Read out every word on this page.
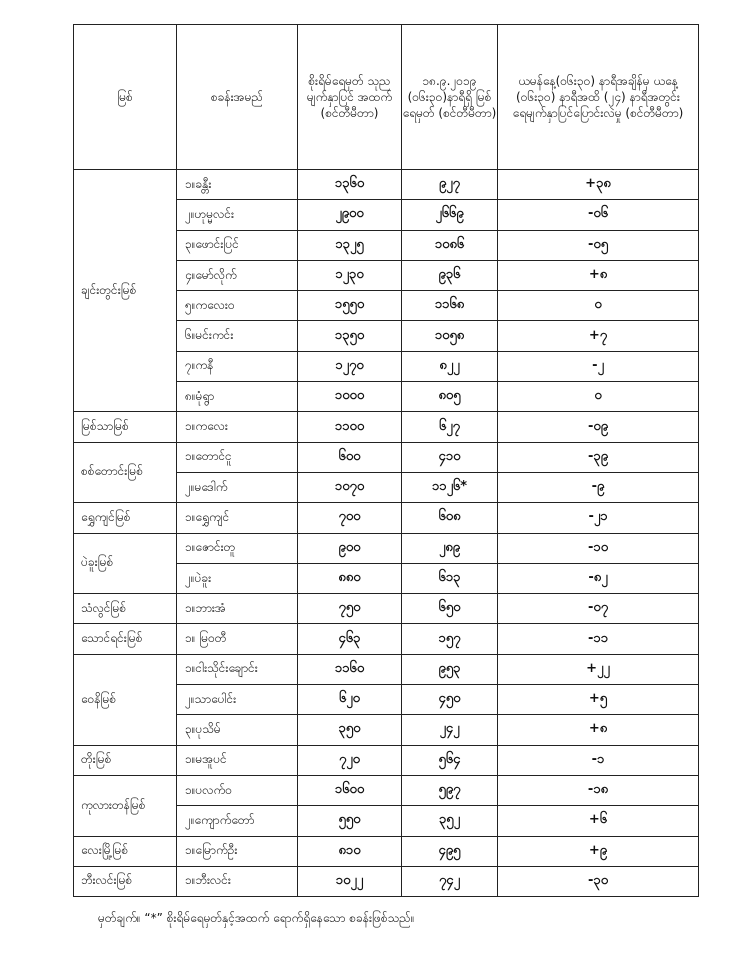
မြစ်	စခန်းအမည်	စိုးရိမ်ရေမှတ် သုည မျက်နှာပြင် အထက် (စင်တီမီတာ)	၁၈.၉.၂၀၁၉ (၀၆း၃၀)နာရီရှိ မြစ်ရေမှတ် (စင်တီမီတာ)	ယမန်နေ့(၀၆း၃၀) နာရီအချိန်မှ ယနေ့ (၀၆း၃၀) နာရီအထိ (၂၄) နာရီအတွင်း ရေမျက်နှာပြင်ပြောင်းလဲမှု (စင်တီမီတာ)
ချင်းတွင်းမြစ်	၁။ခန္တီး	၁၃၆၀	၉၂၇	+၃၈
	၂။ဟုမ္မလင်း	၂၉၀၀	၂၆၆၉	-၀၆
	၃။ဖောင်းပြင်	၁၃၂၅	၁၀၈၆	-၀၅
	၄။မော်လိုက်	၁၂၃၀	၉၃၆	+၈
	၅။ကလေးဝ	၁၅၅၀	၁၁၆၈	၀
	၆။မင်းကင်း	၁၃၅၀	၁၀၅၈	+၇
	၇။ကနီ	၁၂၇၀	၈၂၂	-၂
	၈။မုံရွာ	၁၀၀၀	၈၀၅	၀
မြစ်သာမြစ်	၁။ကလေး	၁၁၀၀	၆၂၇	-၀၉
စစ်တောင်းမြစ်	၁။တောင်ငူ	၆၀၀	၄၁၀	-၃၉
	၂။မဒေါက်	၁၀၇၀	၁၁၂၆*	-၉
ရွှေကျင်မြစ်	၁။ရွှေကျင်	၇၀၀	၆၀၈	-၂၁
ပဲခူးမြစ်	၁။ဇောင်းတူ	၉၀၀	၂၈၉	-၁၀
	၂။ပဲခူး	၈၈၀	၆၁၃	-၈၂
သံလွင်မြစ်	၁။ဘားအံ	၇၅၀	၆၅၀	-၀၇
သောင်ရင်းမြစ်	၁။ မြဝတီ	၄၆၃	၁၅၇	-၁၁
ဝေနိမြစ်	၁။ငါးသိုင်းချောင်း	၁၁၆၀	၉၅၃	+၂၂
	၂။သာပေါင်း	၆၂၀	၄၅၀	+၅
	၃။ပုသိမ်	၃၅၀	၂၄၂	+၈
တိုးမြစ်	၁။မအူပင်	၇၂၀	၅၆၄	-၁
ကုလားတန်မြစ်	၁။ပလက်ဝ	၁၆၀၀	၅၉၇	-၁၈
	၂။ကျောက်တော်	၅၅၀	၃၅၂	+၆
လေးမြို့မြစ်	၁။မြောက်ဦး	၈၁၀	၄၉၅	+၉
ဘီးလင်းမြစ်	၁။ဘီးလင်း	၁၀၂၂	၇၄၂	-၃၀
မှတ်ချက်။ “*” စိုးရိမ်ရေမှတ်နှင့်အထက် ရောက်ရှိနေသော စခန်းဖြစ်သည်။
